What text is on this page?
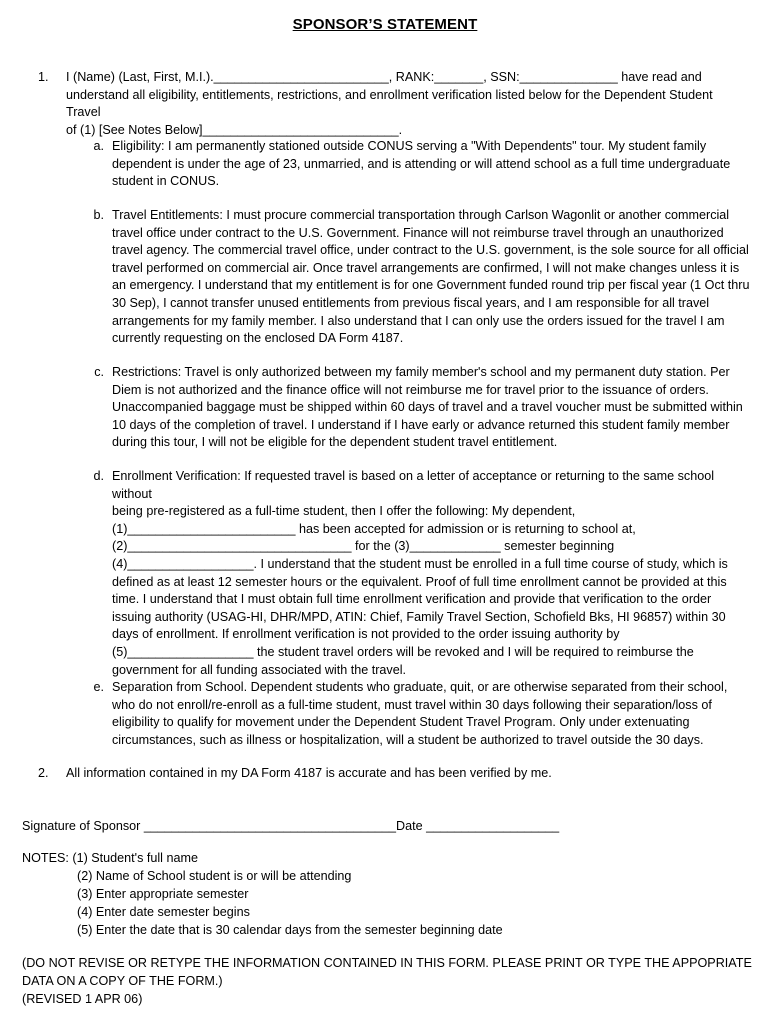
SPONSOR’S STATEMENT
1. I (Name) (Last, First, M.I.)._________________________, RANK:_______, SSN:______________ have read and
understand all eligibility, entitlements, restrictions, and enrollment verification listed below for the Dependent Student Travel
of (1) [See Notes Below]____________________________.
a. Eligibility: I am permanently stationed outside CONUS serving a "With Dependents" tour. My student family dependent is under the age of 23, unmarried, and is attending or will attend school as a full time undergraduate student in CONUS.
b. Travel Entitlements: I must procure commercial transportation through Carlson Wagonlit or another commercial travel office under contract to the U.S. Government. Finance will not reimburse travel through an unauthorized travel agency. The commercial travel office, under contract to the U.S. government, is the sole source for all official travel performed on commercial air. Once travel arrangements are confirmed, I will not make changes unless it is an emergency. I understand that my entitlement is for one Government funded round trip per fiscal year (1 Oct thru 30 Sep), I cannot transfer unused entitlements from previous fiscal years, and I am responsible for all travel arrangements for my family member. I also understand that I can only use the orders issued for the travel I am currently requesting on the enclosed DA Form 4187.
c. Restrictions: Travel is only authorized between my family member's school and my permanent duty station. Per Diem is not authorized and the finance office will not reimburse me for travel prior to the issuance of orders. Unaccompanied baggage must be shipped within 60 days of travel and a travel voucher must be submitted within 10 days of the completion of travel. I understand if I have early or advance returned this student family member during this tour, I will not be eligible for the dependent student travel entitlement.
d. Enrollment Verification: If requested travel is based on a letter of acceptance or returning to the same school without
being pre-registered as a full-time student, then I offer the following: My dependent,
(1)________________________ has been accepted for admission or is returning to school at,
(2)________________________________ for the (3)_____________ semester beginning
(4)__________________. I understand that the student must be enrolled in a full time course of study, which is
defined as at least 12 semester hours or the equivalent. Proof of full time enrollment cannot be provided at this time. I understand that I must obtain full time enrollment verification and provide that verification to the order issuing authority (USAG-HI, DHR/MPD, ATIN: Chief, Family Travel Section, Schofield Bks, HI 96857) within 30 days of enrollment. If enrollment verification is not provided to the order issuing authority by (5)__________________ the student travel orders will be revoked and I will be required to reimburse the government for all funding associated with the travel.
e. Separation from School. Dependent students who graduate, quit, or are otherwise separated from their school, who do not enroll/re-enroll as a full-time student, must travel within 30 days following their separation/loss of eligibility to qualify for movement under the Dependent Student Travel Program. Only under extenuating circumstances, such as illness or hospitalization, will a student be authorized to travel outside the 30 days.
2. All information contained in my DA Form 4187 is accurate and has been verified by me.
Signature of Sponsor ____________________________________ Date ___________________
NOTES: (1) Student's full name
(2) Name of School student is or will be attending
(3) Enter appropriate semester
(4) Enter date semester begins
(5) Enter the date that is 30 calendar days from the semester beginning date
(DO NOT REVISE OR RETYPE THE INFORMATION CONTAINED IN THIS FORM. PLEASE PRINT OR TYPE THE APPOPRIATE
DATA ON A COPY OF THE FORM.)
(REVISED 1 APR 06)
